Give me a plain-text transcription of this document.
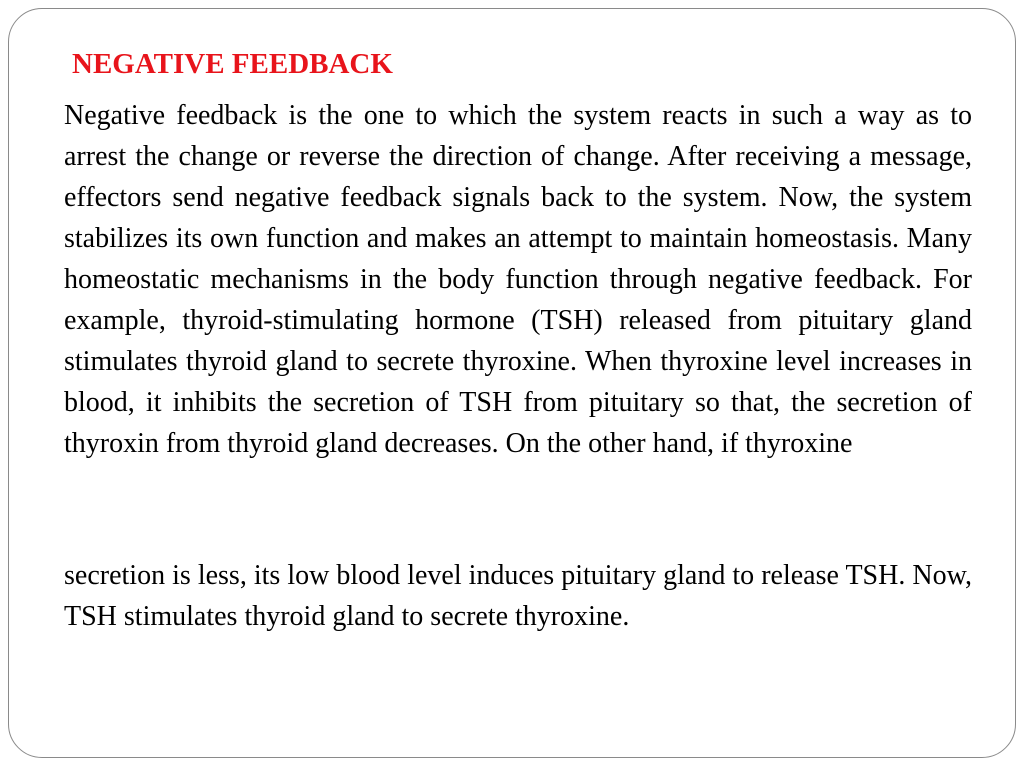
NEGATIVE FEEDBACK

Negative feedback is the one to which the system reacts in such a way as to arrest the change or reverse the direction of change. After receiving a message, effectors send negative feedback signals back to the system. Now, the system stabilizes its own function and makes an attempt to maintain homeostasis. Many homeostatic mechanisms in the body function through negative feedback. For example, thyroid-stimulating hormone (TSH) released from pituitary gland stimulates thyroid gland to secrete thyroxine. When thyroxine level increases in blood, it inhibits the secretion of TSH from pituitary so that, the secretion of thyroxin from thyroid gland decreases. On the other hand, if thyroxine

secretion is less, its low blood level induces pituitary gland to release TSH. Now, TSH stimulates thyroid gland to secrete thyroxine.
